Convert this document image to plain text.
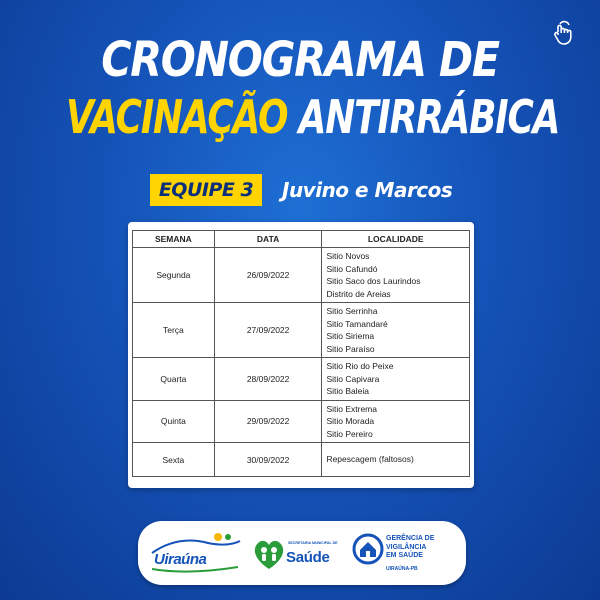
CRONOGRAMA DE
VACINAÇÃO ANTIRRÁBICA
EQUIPE 3	Juvino e Marcos
SEMANA	DATA	LOCALIDADE
Segunda	26/09/2022	Sitio Novos
Sitio Cafundó
Sitio Saco dos Laurindos
Distrito de Areias

Terça	27/09/2022	Sitio Serrinha
Sitio Tamandaré
Sitio Siriema
Sitio Paraíso

Quarta	28/09/2022	Sitio Rio do Peixe
Sitio Capivara
Sitio Baleia

Quinta	29/09/2022	Sitio Extrema
Sitio Morada
Sitio Pereiro

Sexta	30/09/2022	Repescagem (faltosos)
Uiraúna
SECRETARIA MUNICIPAL DE
Saúde
GERÊNCIA DE
VIGILÂNCIA
EM SAÚDE
UIRAÚNA-PB
